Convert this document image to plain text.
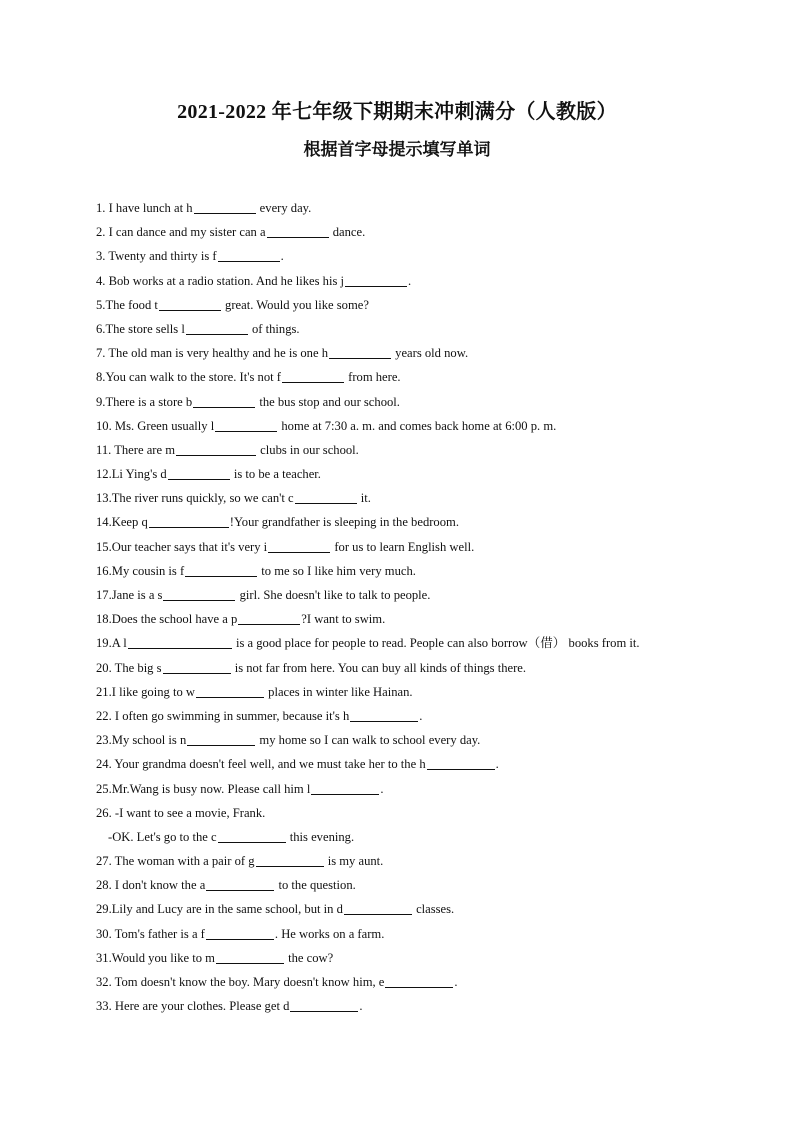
2021-2022 年七年级下期期末冲刺满分（人教版）
根据首字母提示填写单词
1. I have lunch at h	every day.
2. I can dance and my sister can a	dance.
3. Twenty and thirty is f	.
4. Bob works at a radio station. And he likes his j	.
5.The food t	great. Would you like some?
6.The store sells l	of things.
7. The old man is very healthy and he is one h	years old now.
8.You can walk to the store. It's not f	from here.
9.There is a store b	the bus stop and our school.
10. Ms. Green usually l	home at 7:30 a. m. and comes back home at 6:00 p. m.
11. There are m	clubs in our school.
12.Li Ying's d	is to be a teacher.
13.The river runs quickly, so we can't c	it.
14.Keep q	!Your grandfather is sleeping in the bedroom.
15.Our teacher says that it's very i	for us to learn English well.
16.My cousin is f	to me so I like him very much.
17.Jane is a s	girl. She doesn't like to talk to people.
18.Does the school have a p	?I want to swim.
19.A l	is a good place for people to read. People can also borrow（借） books from it.
20. The big s	is not far from here. You can buy all kinds of things there.
21.I like going to w	places in winter like Hainan.
22. I often go swimming in summer, because it's h	.
23.My school is n	my home so I can walk to school every day.
24. Your grandma doesn't feel well, and we must take her to the h	.
25.Mr.Wang is busy now. Please call him l	.
26. -I want to see a movie, Frank.
-OK. Let's go to the c	this evening.
27. The woman with a pair of g	is my aunt.
28. I don't know the a	to the question.
29.Lily and Lucy are in the same school, but in d	classes.
30. Tom's father is a f	. He works on a farm.
31.Would you like to m	the cow?
32. Tom doesn't know the boy. Mary doesn't know him, e	.
33. Here are your clothes. Please get d	.
